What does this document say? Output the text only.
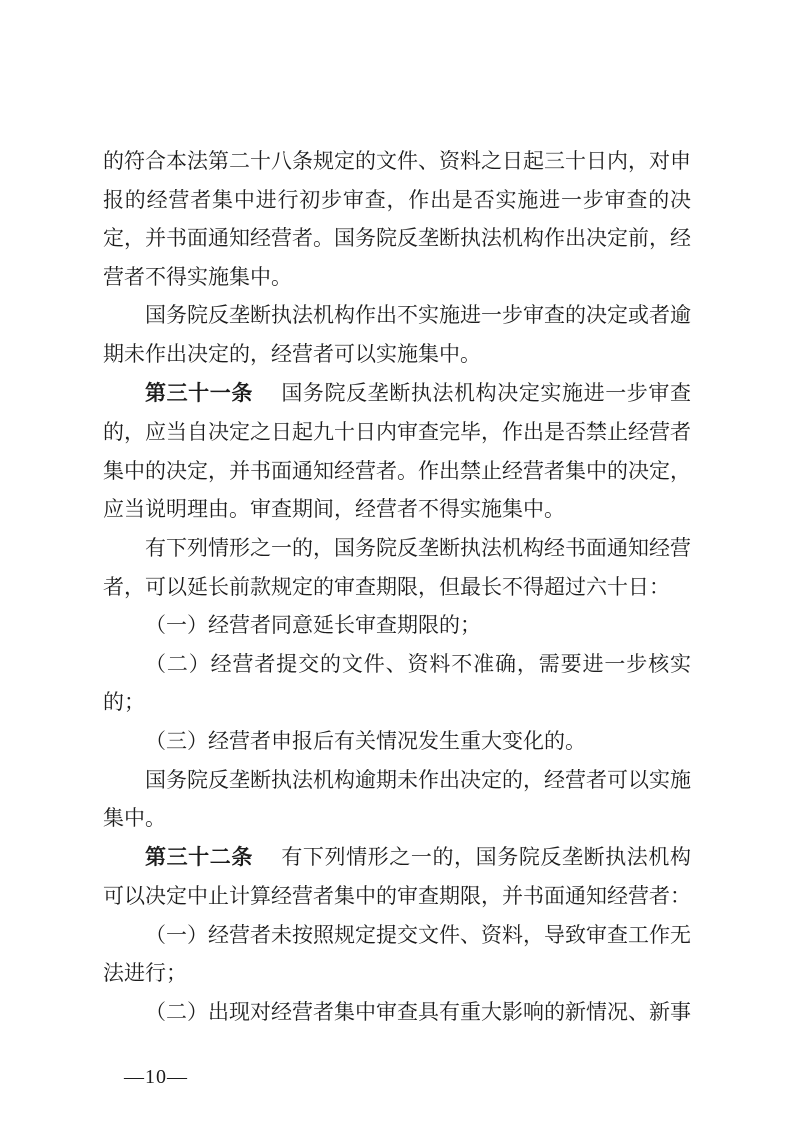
的符合本法第二十八条规定的文件、资料之日起三十日内，对申报的经营者集中进行初步审查，作出是否实施进一步审查的决定，并书面通知经营者。国务院反垄断执法机构作出决定前，经营者不得实施集中。

国务院反垄断执法机构作出不实施进一步审查的决定或者逾期未作出决定的，经营者可以实施集中。

第三十一条 国务院反垄断执法机构决定实施进一步审查的，应当自决定之日起九十日内审查完毕，作出是否禁止经营者集中的决定，并书面通知经营者。作出禁止经营者集中的决定，应当说明理由。审查期间，经营者不得实施集中。

有下列情形之一的，国务院反垄断执法机构经书面通知经营者，可以延长前款规定的审查期限，但最长不得超过六十日：

（一）经营者同意延长审查期限的；

（二）经营者提交的文件、资料不准确，需要进一步核实的；

（三）经营者申报后有关情况发生重大变化的。

国务院反垄断执法机构逾期未作出决定的，经营者可以实施集中。

第三十二条 有下列情形之一的，国务院反垄断执法机构可以决定中止计算经营者集中的审查期限，并书面通知经营者：

（一）经营者未按照规定提交文件、资料，导致审查工作无法进行；

（二）出现对经营者集中审查具有重大影响的新情况、新事

—10—
